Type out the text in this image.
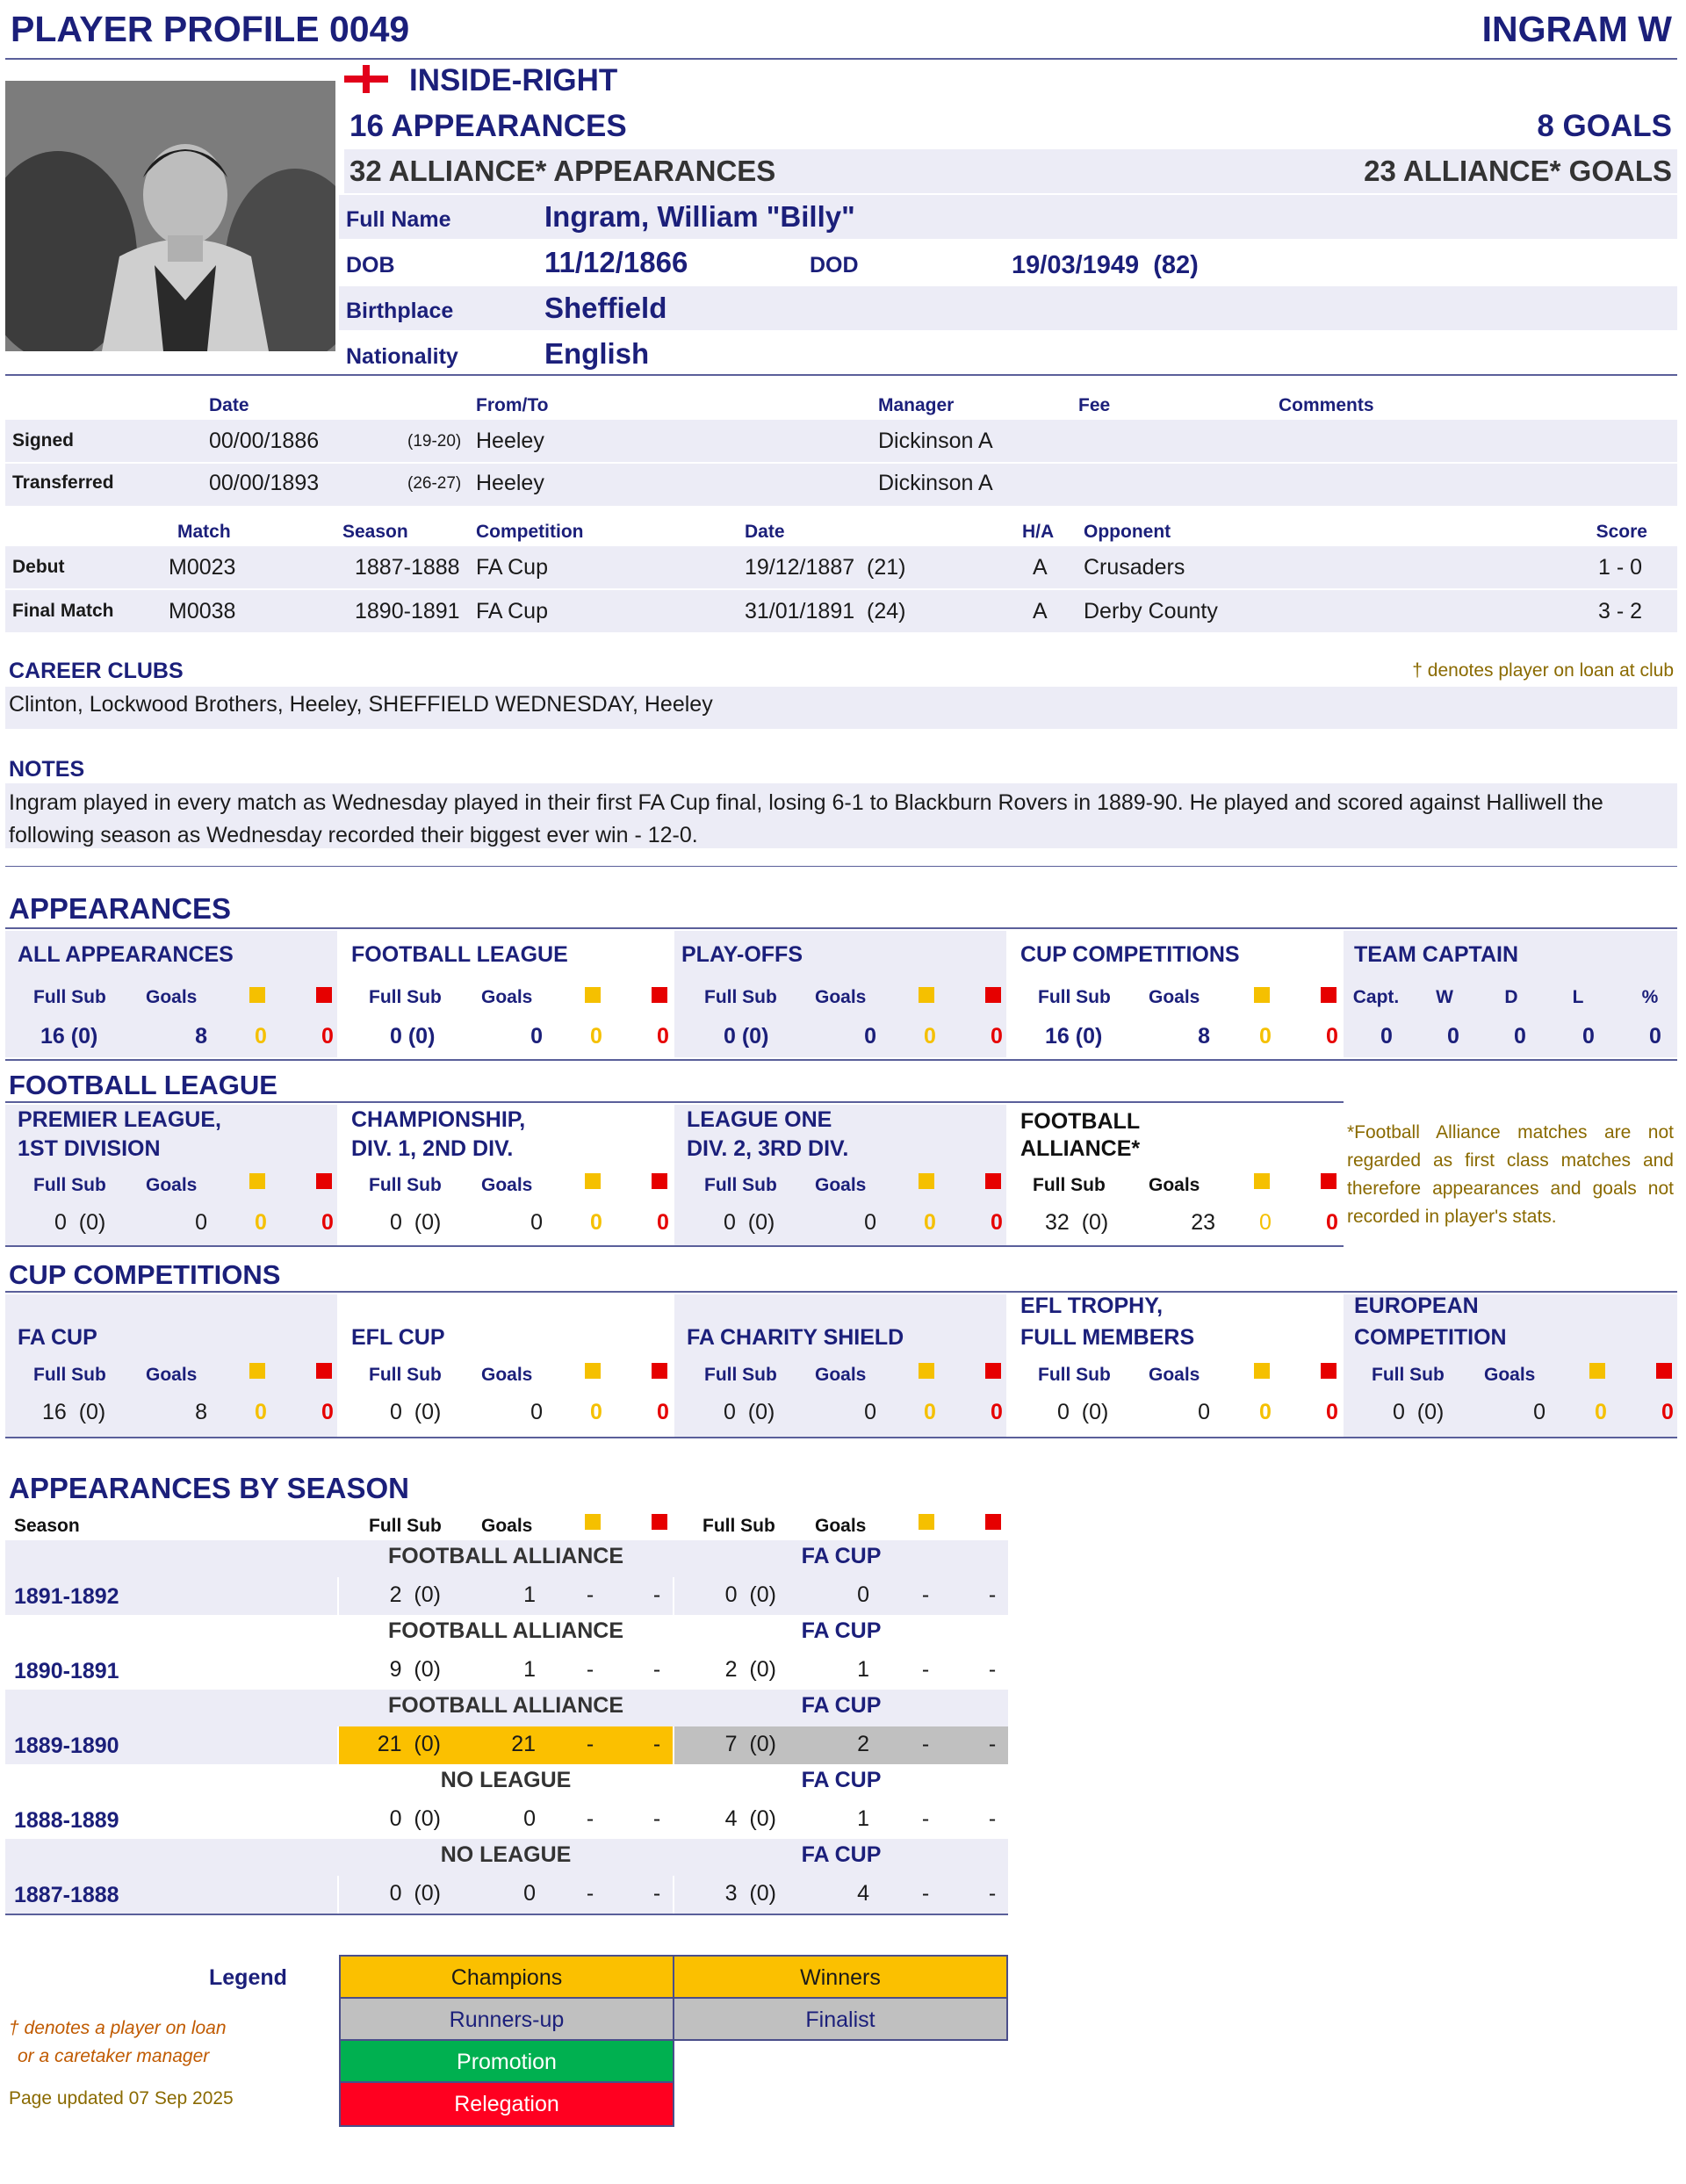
PLAYER PROFILE 0049	INGRAM W
INSIDE-RIGHT
16 APPEARANCES	8 GOALS
32 ALLIANCE* APPEARANCES	23 ALLIANCE* GOALS
Full Name	Ingram, William "Billy"
DOB	11/12/1866	DOD	19/03/1949  (82)
Birthplace	Sheffield
Nationality	English
Date	From/To	Manager	Fee	Comments
Signed	00/00/1886	(19-20) Heeley	Dickinson A
Transferred	00/00/1893	(26-27) Heeley	Dickinson A
Match	Season	Competition	Date	H/A Opponent	Score
Debut	M0023	1887-1888 FA Cup	19/12/1887  (21)	A Crusaders	1 - 0
Final Match M0038	1890-1891 FA Cup	31/01/1891  (24)	A Derby County	3 - 2
CAREER CLUBS	† denotes player on loan at club
Clinton, Lockwood Brothers, Heeley, SHEFFIELD WEDNESDAY, Heeley
NOTES
Ingram played in every match as Wednesday played in their first FA Cup final, losing 6-1 to Blackburn Rovers in 1889-90. He played and scored against Halliwell the
following season as Wednesday recorded their biggest ever win - 12-0.
APPEARANCES
ALL APPEARANCES
Full Sub Goals
16 (0)	8 0 0
FOOTBALL LEAGUE
Full Sub Goals
0 (0)	0 0 0
PLAY-OFFS
Full Sub Goals
0 (0)	0 0 0
CUP COMPETITIONS
Full Sub Goals
16 (0)	8 0 0
TEAM CAPTAIN
Capt.	W	D	L	%
0	0	0	0	0
FOOTBALL LEAGUE
PREMIER LEAGUE,
1ST DIVISION
Full Sub Goals
0  (0)	0 0 0
CHAMPIONSHIP,
DIV. 1, 2ND DIV.
Full Sub Goals
0  (0)	0 0 0
LEAGUE ONE
DIV. 2, 3RD DIV.
Full Sub Goals
0  (0)	0 0 0
FOOTBALL
ALLIANCE*
Full Sub Goals
32  (0)	23 0 0
*Football Alliance matches are not regarded as first class matches and therefore appearances and goals not recorded in player's stats.
CUP COMPETITIONS
FA CUP
Full Sub Goals
16  (0)	8 0 0
EFL CUP
Full Sub Goals
0  (0)	0 0 0
FA CHARITY SHIELD
Full Sub Goals
0  (0)	0 0 0
EFL TROPHY,
FULL MEMBERS
Full Sub Goals
0  (0)	0 0 0
EUROPEAN
COMPETITION
Full Sub Goals
0  (0)	0 0 0
APPEARANCES BY SEASON
Season	Full Sub Goals	Full Sub Goals
1891-1892
FOOTBALL ALLIANCE	FA CUP
2  (0)	1	-	-	0  (0)	0	-	-
1890-1891
FOOTBALL ALLIANCE	FA CUP
9  (0)	1	-	-	2  (0)	1	-	-
1889-1890
FOOTBALL ALLIANCE	FA CUP
21  (0)	21	-	-	7  (0)	2	-	-
1888-1889
NO LEAGUE	FA CUP
0  (0)	0	-	-	4  (0)	1	-	-
1887-1888
NO LEAGUE	FA CUP
0  (0)	0	-	-	3  (0)	4	-	-
Legend	Champions	Winners
Runners-up	Finalist
Promotion
Relegation
† denotes a player on loan
or a caretaker manager
Page updated 07 Sep 2025
